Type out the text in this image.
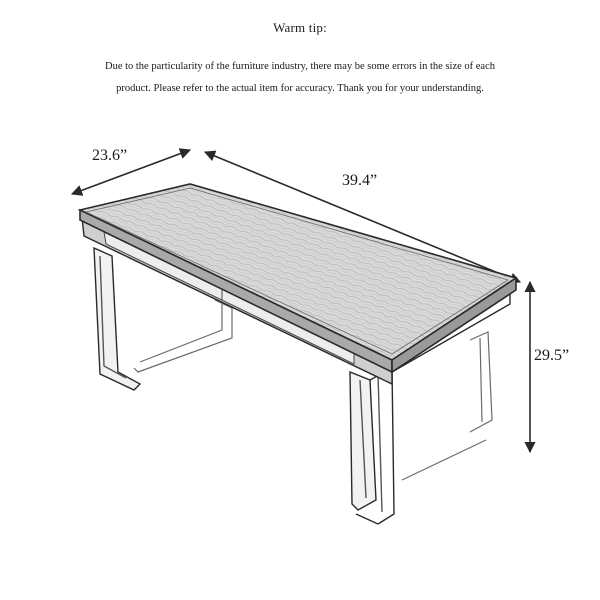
Warm tip:
Due to the particularity of the furniture industry, there may be some errors in the size of each
product. Please refer to the actual item for accuracy. Thank you for your understanding.
23.6”
39.4”
29.5”
